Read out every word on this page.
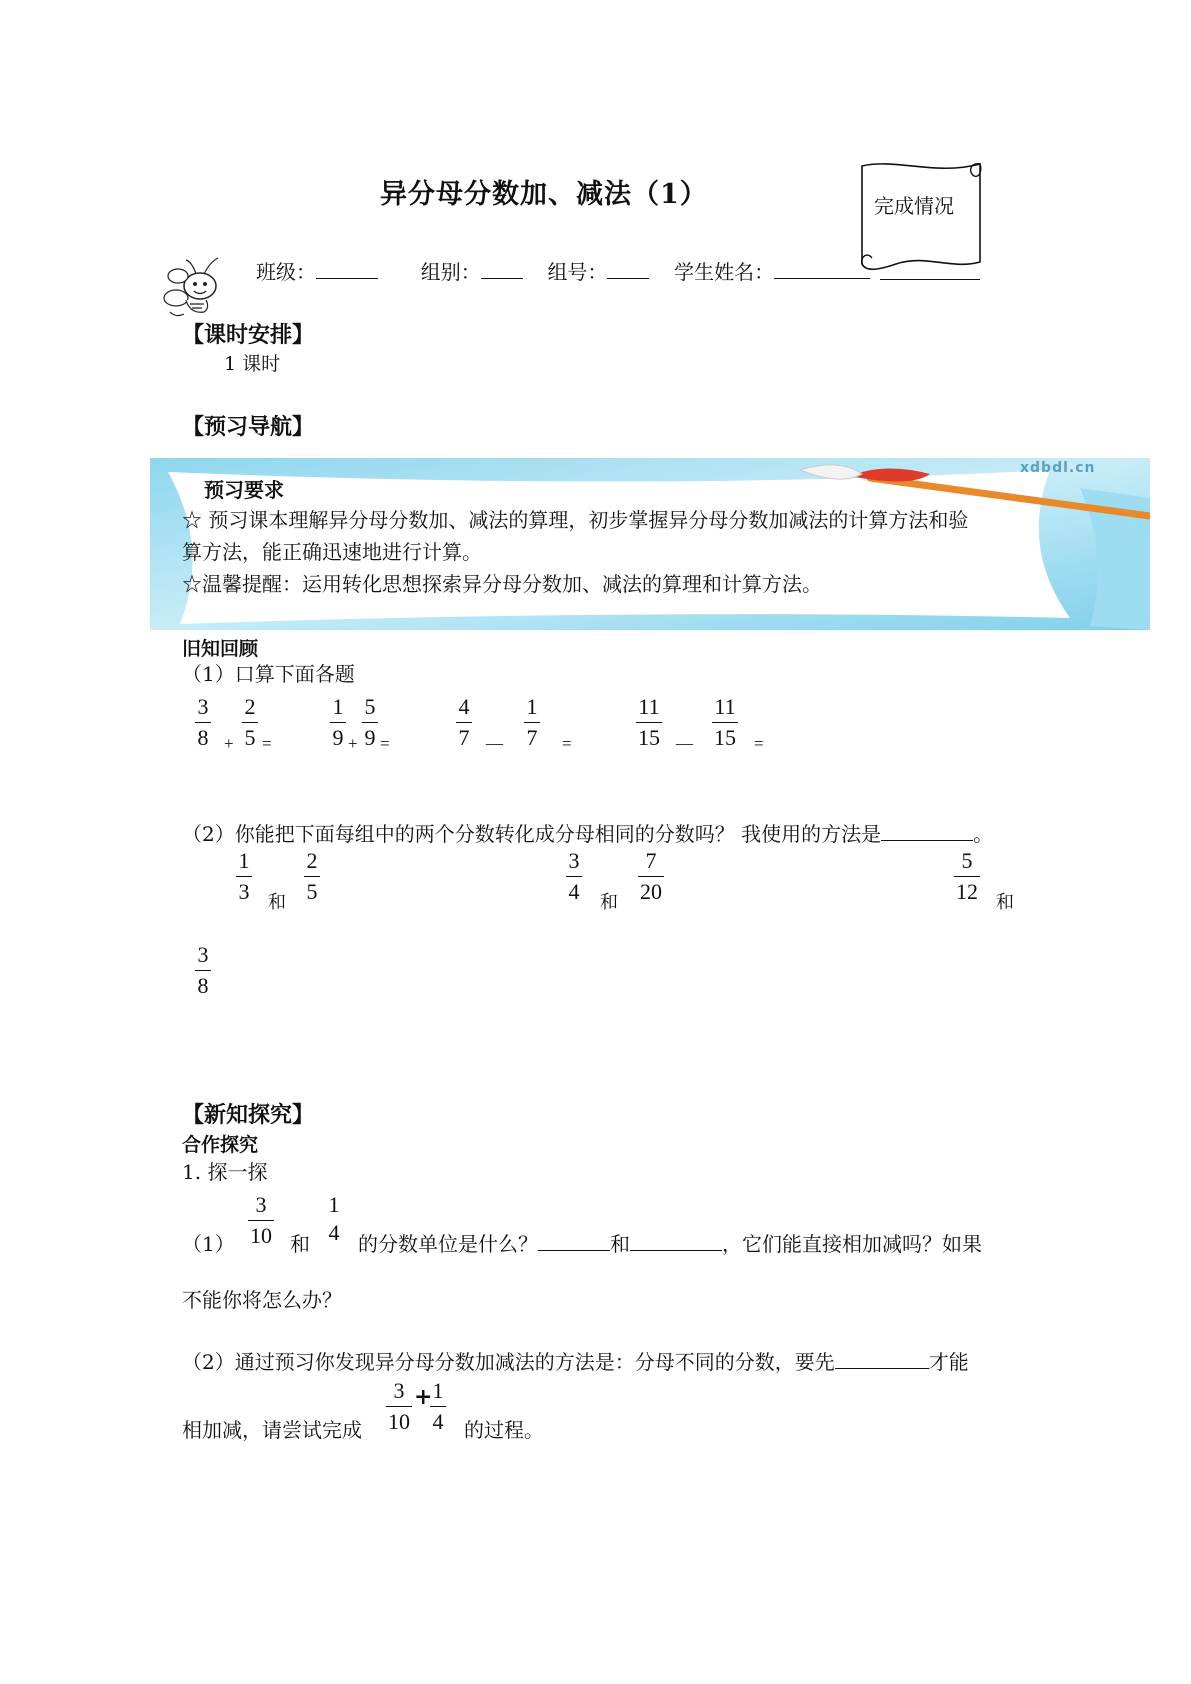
异分母分数加、减法（1）	完成情况
班级：	组别：	组号：	学生姓名：
【课时安排】
1 课时
【预习导航】
xdbdl.cn
预习要求
☆ 预习课本理解异分母分数加、减法的算理，初步掌握异分母分数加减法的计算方法和验
算方法，能正确迅速地进行计算。
☆温馨提醒：运用转化思想探索异分母分数加、减法的算理和计算方法。
旧知回顾
（1）口算下面各题
3
8 +
2
5 =
1
9 +
5
9 =
4
7 __
1
7 =
11
15 __
11
15 =
（2）你能把下面每组中的两个分数转化成分母相同的分数吗？ 我使用的方法是	。
1
3 和
2
5
3
4 和
7
20
5
12 和
3
8
【新知探究】
合作探究
1. 探一探
（1）
3
10 和
1
4 的分数单位是什么？	和	，它们能直接相加减吗？如果
不能你将怎么办？
（2）通过预习你发现异分母分数加减法的方法是：分母不同的分数，要先	才能
相加减，请尝试完成
3
10
+ 1
4 的过程。
